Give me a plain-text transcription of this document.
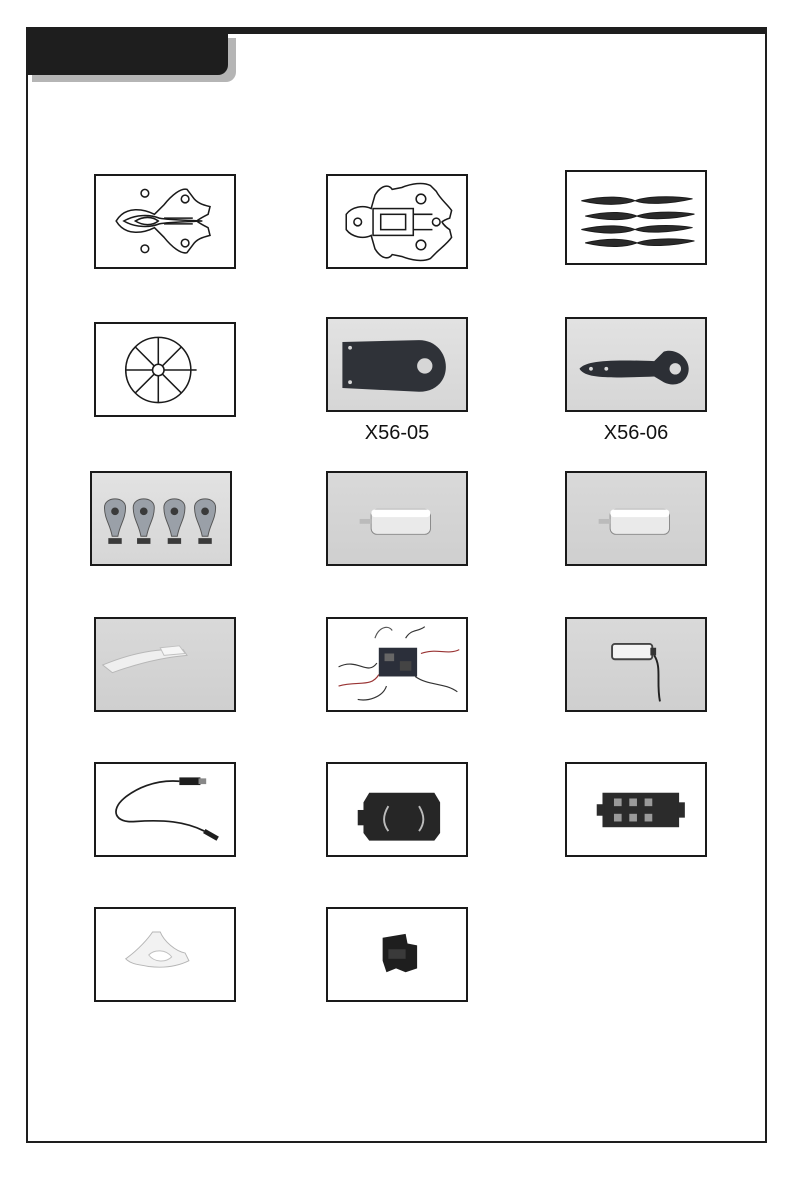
X56-05	X56-06
